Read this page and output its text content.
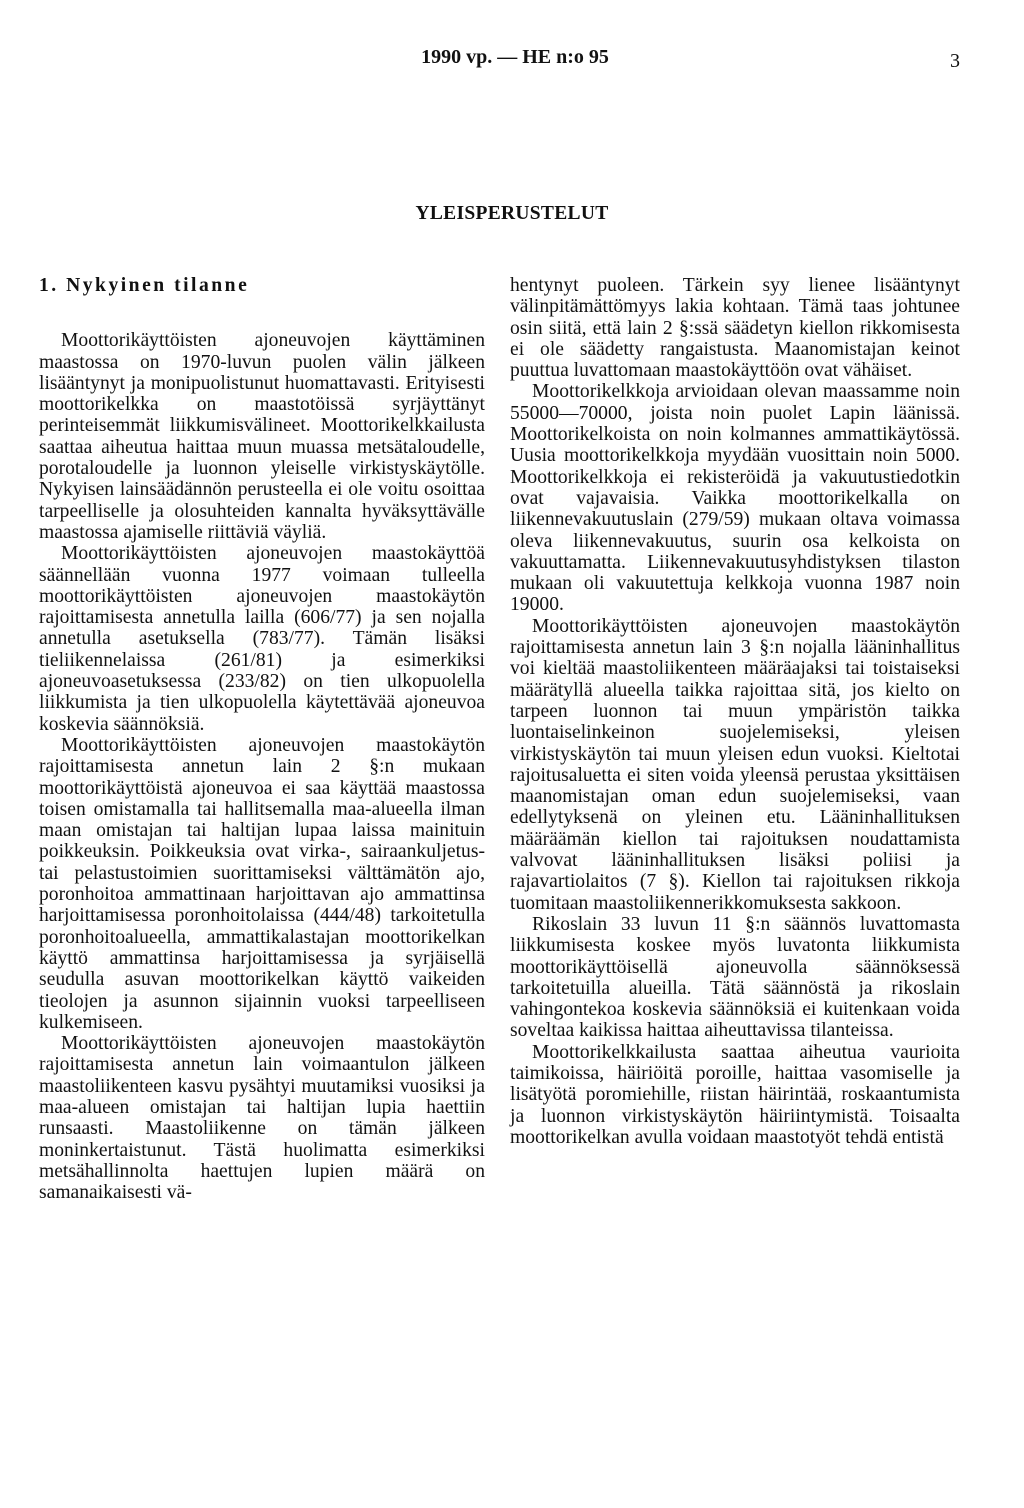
1990 vp. — HE n:o 95	3
YLEISPERUSTELUT
1. Nykyinen tilanne

Moottorikäyttöisten ajoneuvojen käyttäminen maastossa on 1970-luvun puolen välin jälkeen lisääntynyt ja monipuolistunut huomattavasti. Erityisesti moottorikelkka on maastotöissä syrjäyttänyt perinteisemmät liikkumisvälineet. Moottorikelkkailusta saattaa aiheutua haittaa muun muassa metsätaloudelle, porotaloudelle ja luonnon yleiselle virkistyskäytölle. Nykyisen lainsäädännön perusteella ei ole voitu osoittaa tarpeelliselle ja olosuhteiden kannalta hyväksyttävälle maastossa ajamiselle riittäviä väyliä.

Moottorikäyttöisten ajoneuvojen maastokäyttöä säännellään vuonna 1977 voimaan tulleella moottorikäyttöisten ajoneuvojen maastokäytön rajoittamisesta annetulla lailla (606/77) ja sen nojalla annetulla asetuksella (783/77). Tämän lisäksi tieliikennelaissa (261/81) ja esimerkiksi ajoneuvoasetuksessa (233/82) on tien ulkopuolella liikkumista ja tien ulkopuolella käytettävää ajoneuvoa koskevia säännöksiä.

Moottorikäyttöisten ajoneuvojen maastokäytön rajoittamisesta annetun lain 2 §:n mukaan moottorikäyttöistä ajoneuvoa ei saa käyttää maastossa toisen omistamalla tai hallitsemalla maa-alueella ilman maan omistajan tai haltijan lupaa laissa mainituin poikkeuksin. Poikkeuksia ovat virka-, sairaankuljetus- tai pelastustoimien suorittamiseksi välttämätön ajo, poronhoitoa ammattinaan harjoittavan ajo ammattinsa harjoittamisessa poronhoitolaissa (444/48) tarkoitetulla poronhoitoalueella, ammattikalastajan moottorikelkan käyttö ammattinsa harjoittamisessa ja syrjäisellä seudulla asuvan moottorikelkan käyttö vaikeiden tieolojen ja asunnon sijainnin vuoksi tarpeelliseen kulkemiseen.

Moottorikäyttöisten ajoneuvojen maastokäytön rajoittamisesta annetun lain voimaantulon jälkeen maastoliikenteen kasvu pysähtyi muutamiksi vuosiksi ja maa-alueen omistajan tai haltijan lupia haettiin runsaasti. Maastoliikenne on tämän jälkeen moninkertaistunut. Tästä huolimatta esimerkiksi metsähallinnolta haettujen lupien määrä on samanaikaisesti vä-

hentynyt puoleen. Tärkein syy lienee lisääntynyt välinpitämättömyys lakia kohtaan. Tämä taas johtunee osin siitä, että lain 2 §:ssä säädetyn kiellon rikkomisesta ei ole säädetty rangaistusta. Maanomistajan keinot puuttua luvattomaan maastokäyttöön ovat vähäiset.

Moottorikelkkoja arvioidaan olevan maassamme noin 55000—70000, joista noin puolet Lapin läänissä. Moottorikelkoista on noin kolmannes ammattikäytössä. Uusia moottorikelkkoja myydään vuosittain noin 5000. Moottorikelkkoja ei rekisteröidä ja vakuutustiedotkin ovat vajavaisia. Vaikka moottorikelkalla on liikennevakuutuslain (279/59) mukaan oltava voimassa oleva liikennevakuutus, suurin osa kelkoista on vakuuttamatta. Liikennevakuutusyhdistyksen tilaston mukaan oli vakuutettuja kelkkoja vuonna 1987 noin 19000.

Moottorikäyttöisten ajoneuvojen maastokäytön rajoittamisesta annetun lain 3 §:n nojalla lääninhallitus voi kieltää maastoliikenteen määräajaksi tai toistaiseksi määrätyllä alueella taikka rajoittaa sitä, jos kielto on tarpeen luonnon tai muun ympäristön taikka luontaiselinkeinon suojelemiseksi, yleisen virkistyskäytön tai muun yleisen edun vuoksi. Kieltotai rajoitusaluetta ei siten voida yleensä perustaa yksittäisen maanomistajan oman edun suojelemiseksi, vaan edellytyksenä on yleinen etu. Lääninhallituksen määräämän kiellon tai rajoituksen noudattamista valvovat lääninhallituksen lisäksi poliisi ja rajavartiolaitos (7 §). Kiellon tai rajoituksen rikkoja tuomitaan maastoliikennerikkomuksesta sakkoon.

Rikoslain 33 luvun 11 §:n säännös luvattomasta liikkumisesta koskee myös luvatonta liikkumista moottorikäyttöisellä ajoneuvolla säännöksessä tarkoitetuilla alueilla. Tätä säännöstä ja rikoslain vahingontekoa koskevia säännöksiä ei kuitenkaan voida soveltaa kaikissa haittaa aiheuttavissa tilanteissa.

Moottorikelkkailusta saattaa aiheutua vaurioita taimikoissa, häiriöitä poroille, haittaa vasomiselle ja lisätyötä poromiehille, riistan häirintää, roskaantumista ja luonnon virkistyskäytön häiriintymistä. Toisaalta moottorikelkan avulla voidaan maastotyöt tehdä entistä
